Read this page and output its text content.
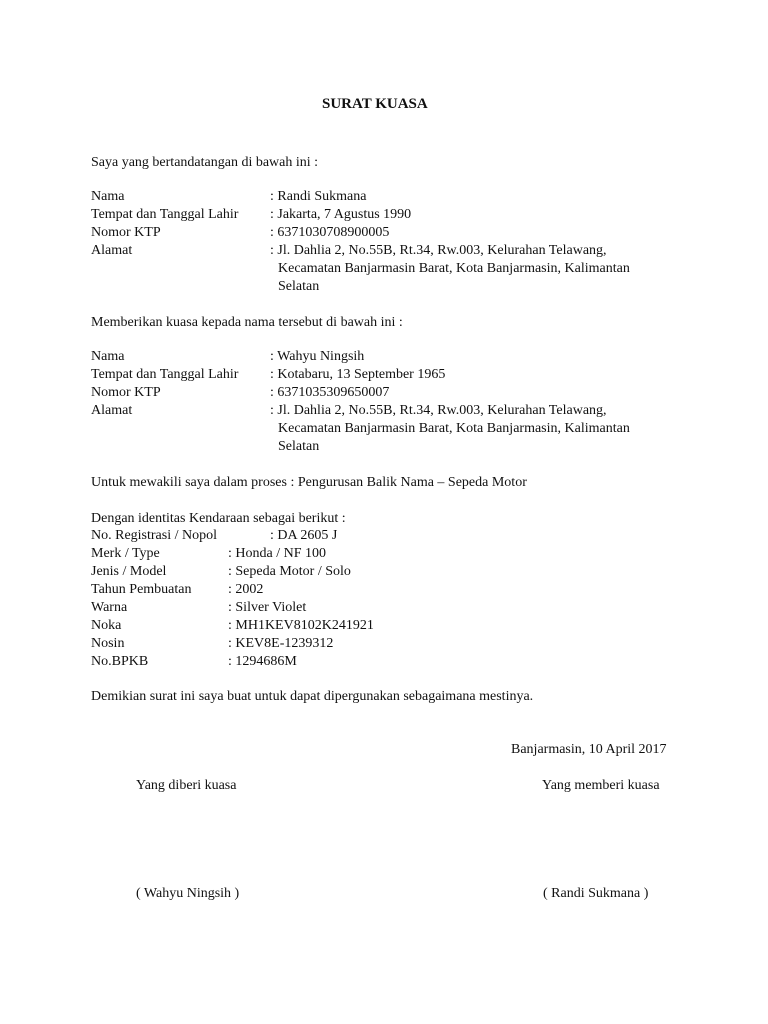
SURAT KUASA
Saya yang bertandatangan di bawah ini :
Nama	: Randi Sukmana
Tempat dan Tanggal Lahir : Jakarta, 7 Agustus 1990
Nomor KTP	: 6371030708900005
Alamat	: Jl. Dahlia 2, No.55B, Rt.34, Rw.003, Kelurahan Telawang,
Kecamatan Banjarmasin Barat, Kota Banjarmasin, Kalimantan
Selatan
Memberikan kuasa kepada nama tersebut di bawah ini :
Nama	: Wahyu Ningsih
Tempat dan Tanggal Lahir : Kotabaru, 13 September 1965
Nomor KTP	: 6371035309650007
Alamat	: Jl. Dahlia 2, No.55B, Rt.34, Rw.003, Kelurahan Telawang,
Kecamatan Banjarmasin Barat, Kota Banjarmasin, Kalimantan
Selatan
Untuk mewakili saya dalam proses : Pengurusan Balik Nama – Sepeda Motor
Dengan identitas Kendaraan sebagai berikut :
No. Registrasi / Nopol	: DA 2605 J
Merk / Type	: Honda / NF 100
Jenis / Model	: Sepeda Motor / Solo
Tahun Pembuatan	: 2002
Warna	: Silver Violet
Noka	: MH1KEV8102K241921
Nosin	: KEV8E-1239312
No.BPKB	: 1294686M
Demikian surat ini saya buat untuk dapat dipergunakan sebagaimana mestinya.
Banjarmasin, 10 April 2017
Yang diberi kuasa	Yang memberi kuasa
( Wahyu Ningsih )	( Randi Sukmana )
